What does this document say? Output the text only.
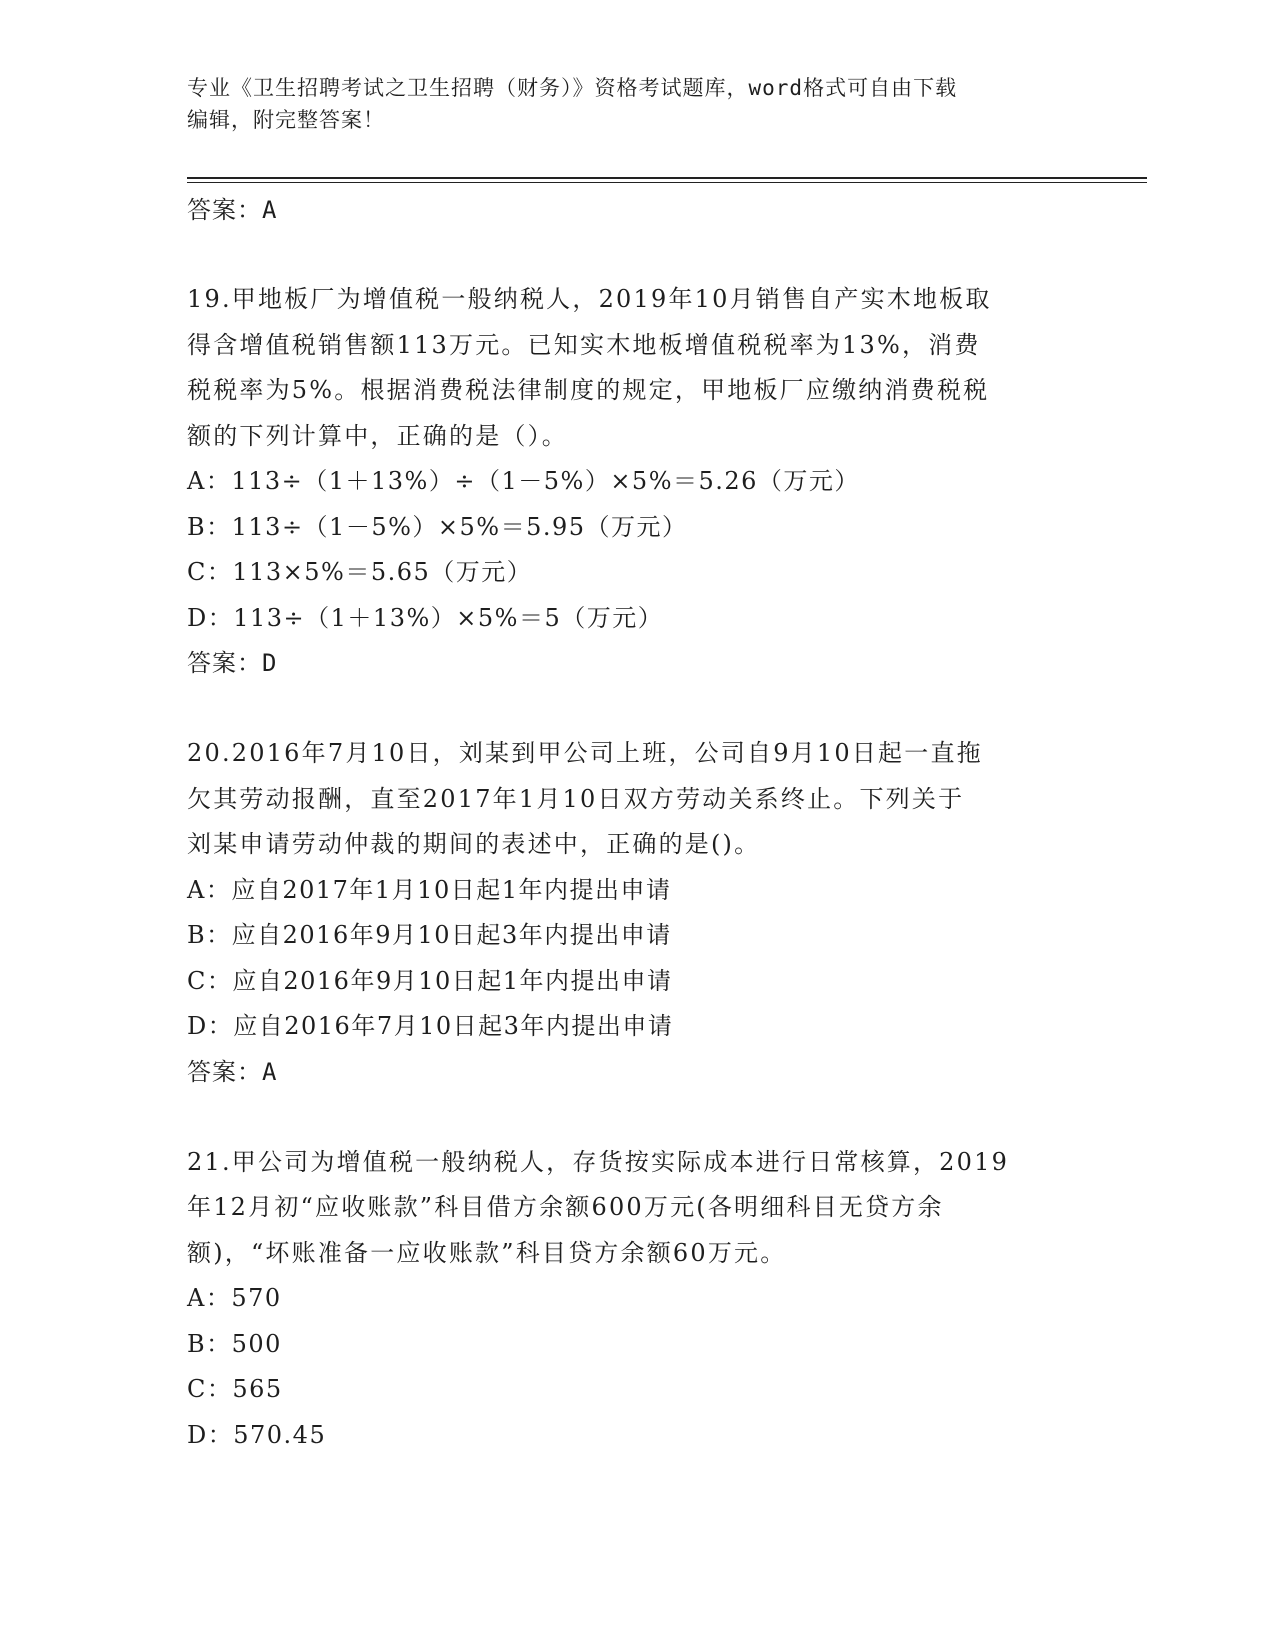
专业《卫生招聘考试之卫生招聘（财务）》资格考试题库，word格式可自由下载
编辑，附完整答案！
答案：A
19.甲地板厂为增值税一般纳税人，2019年10月销售自产实木地板取
得含增值税销售额113万元。已知实木地板增值税税率为13%，消费
税税率为5%。根据消费税法律制度的规定，甲地板厂应缴纳消费税税
额的下列计算中，正确的是（）。
A：113÷（1＋13%）÷（1－5%）×5%＝5.26（万元）
B：113÷（1－5%）×5%＝5.95（万元）
C：113×5%＝5.65（万元）
D：113÷（1＋13%）×5%＝5（万元）
答案：D
20.2016年7月10日，刘某到甲公司上班，公司自9月10日起一直拖
欠其劳动报酬，直至2017年1月10日双方劳动关系终止。下列关于
刘某申请劳动仲裁的期间的表述中，正确的是()。
A：应自2017年1月10日起1年内提出申请
B：应自2016年9月10日起3年内提出申请
C：应自2016年9月10日起1年内提出申请
D：应自2016年7月10日起3年内提出申请
答案：A
21.甲公司为增值税一般纳税人，存货按实际成本进行日常核算，2019
年12月初“应收账款”科目借方余额600万元(各明细科目无贷方余
额)，“坏账准备一应收账款”科目贷方余额60万元。
A：570
B：500
C：565
D：570.45
